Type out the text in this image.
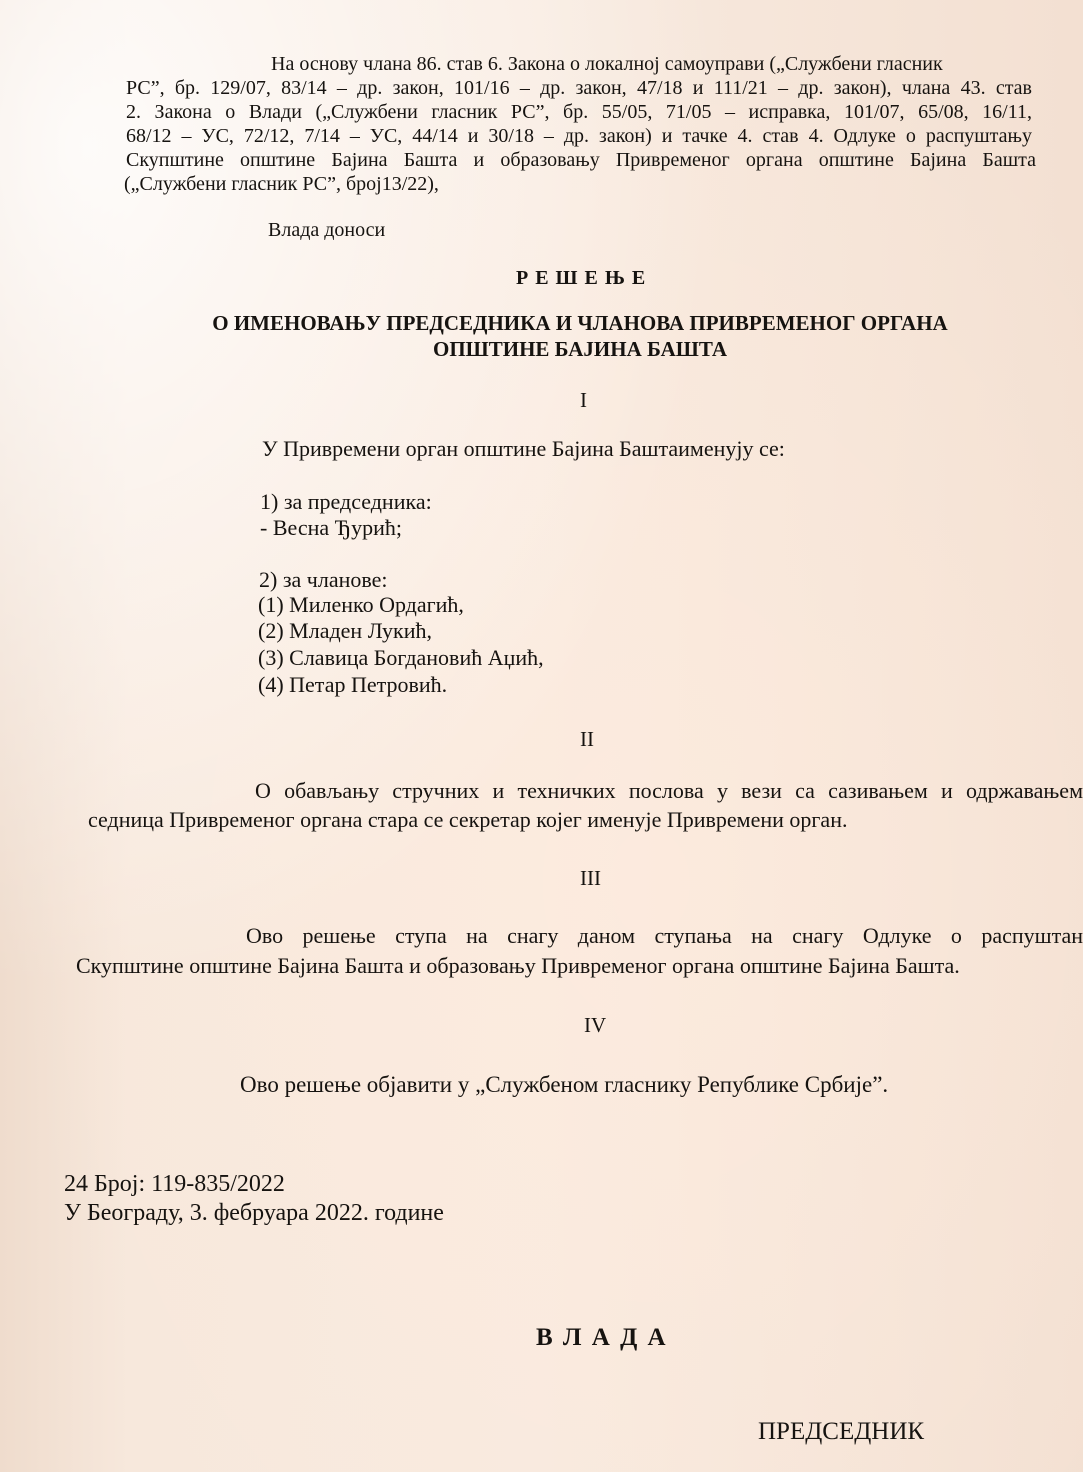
На основу члана 86. став 6. Закона о локалној самоуправи („Службени гласник

РС”, бр. 129/07, 83/14 – др. закон, 101/16 – др. закон, 47/18 и 111/21 – др. закон), члана 43. став

2. Закона о Влади („Службени гласник РС”, бр. 55/05, 71/05 – исправка, 101/07, 65/08, 16/11,

68/12 – УС, 72/12, 7/14 – УС, 44/14 и 30/18 – др. закон) и тачке 4. став 4. Одлуке о распуштању

Скупштине општине Бајина Башта и образовању Привременог органа општине Бајина Башта

(„Службени гласник РС”, број13/22),

Влада доноси

Р Е Ш Е Њ Е

О ИМЕНОВАЊУ ПРЕДСЕДНИКА И ЧЛАНОВА ПРИВРЕМЕНОГ ОРГАНА

ОПШТИНЕ БАЈИНА БАШТА

I

У Привремени орган општине Бајина Баштаименују се:

1) за председника:

- Весна Ђурић;

2) за чланове:

(1) Миленко Ордагић,

(2) Младен Лукић,

(3) Славица Богдановић Аџић,

(4) Петар Петровић.

II

О обављању стручних и техничких послова у вези са сазивањем и одржавањем

седница Привременог органа стара се секретар којег именује Привремени орган.

III

Ово решење ступа на снагу даном ступања на снагу Одлуке о распуштан

Скупштине општине Бајина Башта и образовању Привременог органа општине Бајина Башта.

IV

Ово решење објавити у „Службеном гласнику Републике Србије”.

24 Број: 119-835/2022

У Београду, 3. фебруара 2022. године

В Л А Д А

ПРЕДСЕДНИК
